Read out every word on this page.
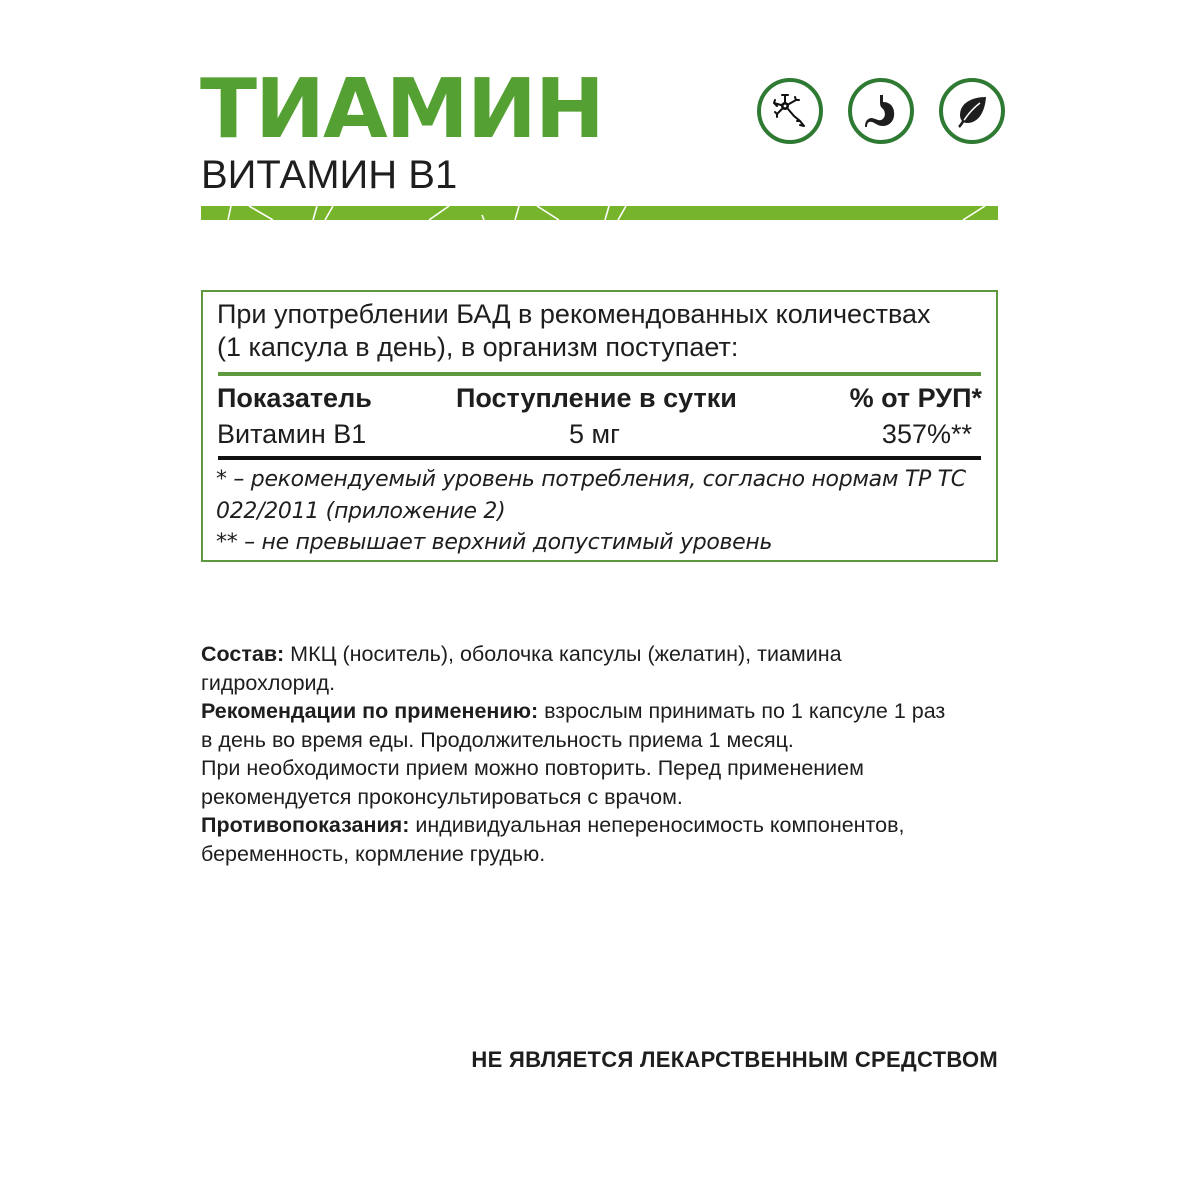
ТИАМИН
ВИТАМИН В1

При употреблении БАД в рекомендованных количествах
(1 капсула в день), в организм поступает:

Показатель	Поступление в сутки	% от РУП*
Витамин В1	5 мг	357%**

* – рекомендуемый уровень потребления, согласно нормам ТР ТС

022/2011 (приложение 2)

** – не превышает верхний допустимый уровень

Состав: МКЦ (носитель), оболочка капсулы (желатин), тиамина
гидрохлорид.
Рекомендации по применению: взрослым принимать по 1 капсуле 1 раз
в день во время еды. Продолжительность приема 1 месяц.
При необходимости прием можно повторить. Перед применением
рекомендуется проконсультироваться с врачом.
Противопоказания: индивидуальная непереносимость компонентов,
беременность, кормление грудью.

НЕ ЯВЛЯЕТСЯ ЛЕКАРСТВЕННЫМ СРЕДСТВОМ
